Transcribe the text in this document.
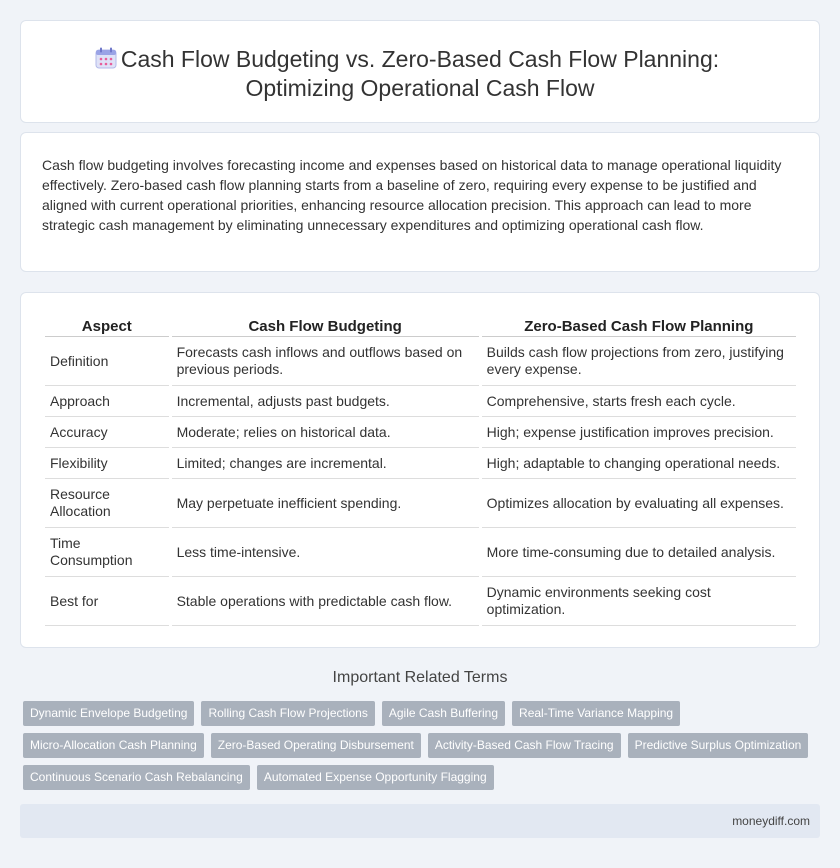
Cash Flow Budgeting vs. Zero-Based Cash Flow Planning:
Optimizing Operational Cash Flow

Cash flow budgeting involves forecasting income and expenses based on historical data to manage operational liquidity effectively. Zero-based cash flow planning starts from a baseline of zero, requiring every expense to be justified and aligned with current operational priorities, enhancing resource allocation precision. This approach can lead to more strategic cash management by eliminating unnecessary expenditures and optimizing operational cash flow.

Aspect	Cash Flow Budgeting	Zero-Based Cash Flow Planning
Definition	Forecasts cash inflows and outflows based on previous periods.	Builds cash flow projections from zero, justifying every expense.
Approach	Incremental, adjusts past budgets.	Comprehensive, starts fresh each cycle.
Accuracy	Moderate; relies on historical data.	High; expense justification improves precision.
Flexibility	Limited; changes are incremental.	High; adaptable to changing operational needs.
Resource Allocation	May perpetuate inefficient spending.	Optimizes allocation by evaluating all expenses.
Time Consumption	Less time-intensive.	More time-consuming due to detailed analysis.
Best for	Stable operations with predictable cash flow.	Dynamic environments seeking cost optimization.
Important Related Terms
Dynamic Envelope Budgeting Rolling Cash Flow Projections Agile Cash Buffering Real-Time Variance Mapping
Micro-Allocation Cash Planning Zero-Based Operating Disbursement Activity-Based Cash Flow Tracing Predictive Surplus Optimization
Continuous Scenario Cash Rebalancing Automated Expense Opportunity Flagging
moneydiff.com
